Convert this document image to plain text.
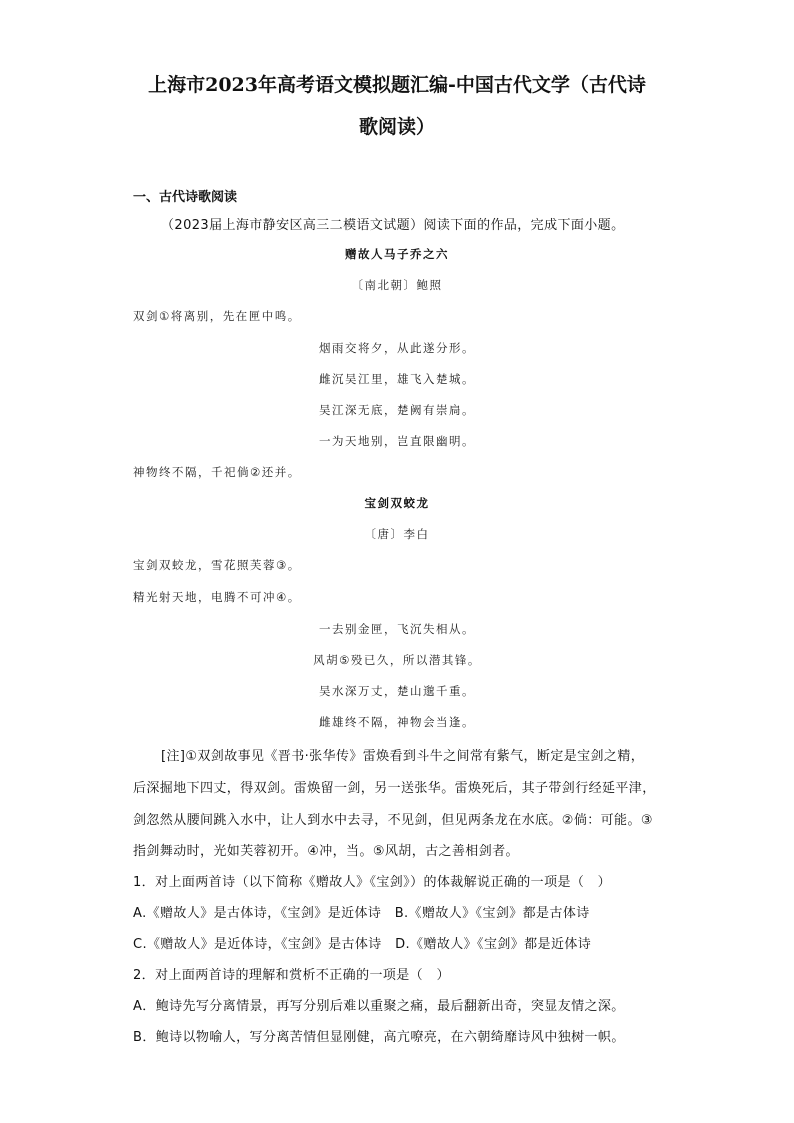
上海市2023年高考语文模拟题汇编-中国古代文学（古代诗
歌阅读）
一、古代诗歌阅读
（2023届上海市静安区高三二模语文试题）阅读下面的作品，完成下面小题。
赠故人马子乔之六
〔南北朝〕鲍照
双剑①将离别，先在匣中鸣。
烟雨交将夕，从此遂分形。
雌沉吴江里，雄飞入楚城。
吴江深无底，楚阙有崇扃。
一为天地别，岂直限幽明。
神物终不隔，千祀倘②还并。
宝剑双蛟龙
〔唐〕李白
宝剑双蛟龙，雪花照芙蓉③。
精光射天地，电腾不可冲④。
一去别金匣，飞沉失相从。
风胡⑤殁已久，所以潜其锋。
吴水深万丈，楚山邈千重。
雌雄终不隔，神物会当逢。
[注]①双剑故事见《晋书·张华传》雷焕看到斗牛之间常有紫气，断定是宝剑之精，
后深掘地下四丈，得双剑。雷焕留一剑，另一送张华。雷焕死后，其子带剑行经延平津，
剑忽然从腰间跳入水中，让人到水中去寻，不见剑，但见两条龙在水底。②倘：可能。③
指剑舞动时，光如芙蓉初开。④冲，当。⑤风胡，古之善相剑者。
1．对上面两首诗（以下简称《赠故人》《宝剑》）的体裁解说正确的一项是（　）
A.《赠故人》是古体诗，《宝剑》是近体诗　B.《赠故人》《宝剑》都是古体诗
C.《赠故人》是近体诗，《宝剑》是古体诗　D.《赠故人》《宝剑》都是近体诗
2．对上面两首诗的理解和赏析不正确的一项是（　）
A．鲍诗先写分离情景，再写分别后难以重聚之痛，最后翻新出奇，突显友情之深。
B．鲍诗以物喻人，写分离苦情但显刚健，高亢嘹亮，在六朝绮靡诗风中独树一帜。
